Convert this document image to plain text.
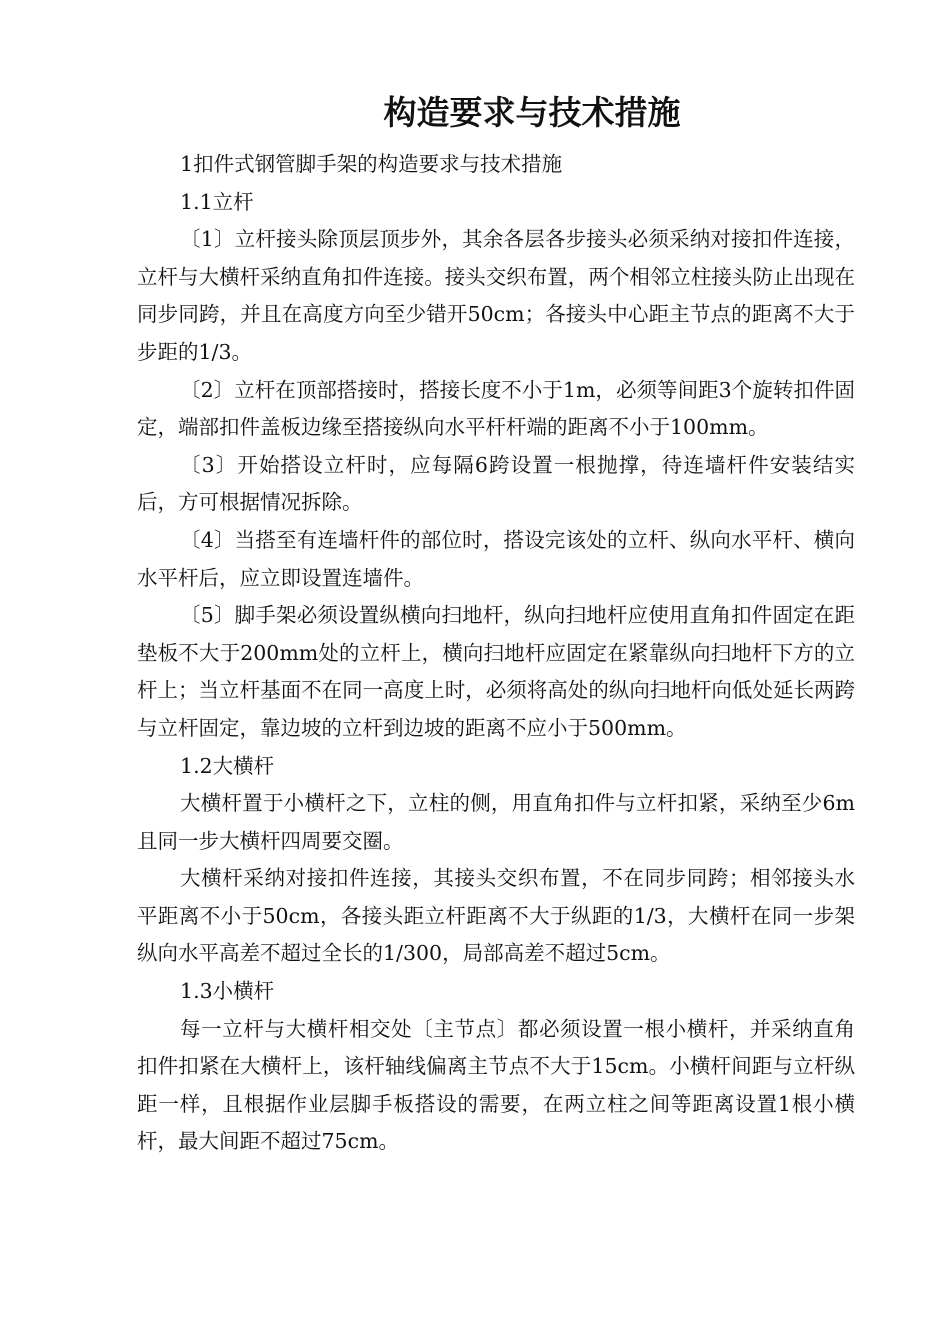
构造要求与技术措施

1扣件式钢管脚手架的构造要求与技术措施

1.1立杆

〔1〕立杆接头除顶层顶步外，其余各层各步接头必须采纳对接扣件连接，立杆与大横杆采纳直角扣件连接。接头交织布置，两个相邻立柱接头防止出现在同步同跨，并且在高度方向至少错开50cm；各接头中心距主节点的距离不大于步距的1/3。

〔2〕立杆在顶部搭接时，搭接长度不小于1m，必须等间距3个旋转扣件固定，端部扣件盖板边缘至搭接纵向水平杆杆端的距离不小于100mm。

〔3〕开始搭设立杆时，应每隔6跨设置一根抛撑，待连墙杆件安装结实后，方可根据情况拆除。

〔4〕当搭至有连墙杆件的部位时，搭设完该处的立杆、纵向水平杆、横向水平杆后，应立即设置连墙件。

〔5〕脚手架必须设置纵横向扫地杆，纵向扫地杆应使用直角扣件固定在距垫板不大于200mm处的立杆上，横向扫地杆应固定在紧靠纵向扫地杆下方的立杆上；当立杆基面不在同一高度上时，必须将高处的纵向扫地杆向低处延长两跨与立杆固定，靠边坡的立杆到边坡的距离不应小于500mm。

1.2大横杆

大横杆置于小横杆之下，立柱的侧，用直角扣件与立杆扣紧，采纳至少6m且同一步大横杆四周要交圈。

大横杆采纳对接扣件连接，其接头交织布置，不在同步同跨；相邻接头水平距离不小于50cm，各接头距立杆距离不大于纵距的1/3，大横杆在同一步架纵向水平高差不超过全长的1/300，局部高差不超过5cm。

1.3小横杆

每一立杆与大横杆相交处〔主节点〕都必须设置一根小横杆，并采纳直角扣件扣紧在大横杆上，该杆轴线偏离主节点不大于15cm。小横杆间距与立杆纵距一样，且根据作业层脚手板搭设的需要，在两立柱之间等距离设置1根小横杆，最大间距不超过75cm。
